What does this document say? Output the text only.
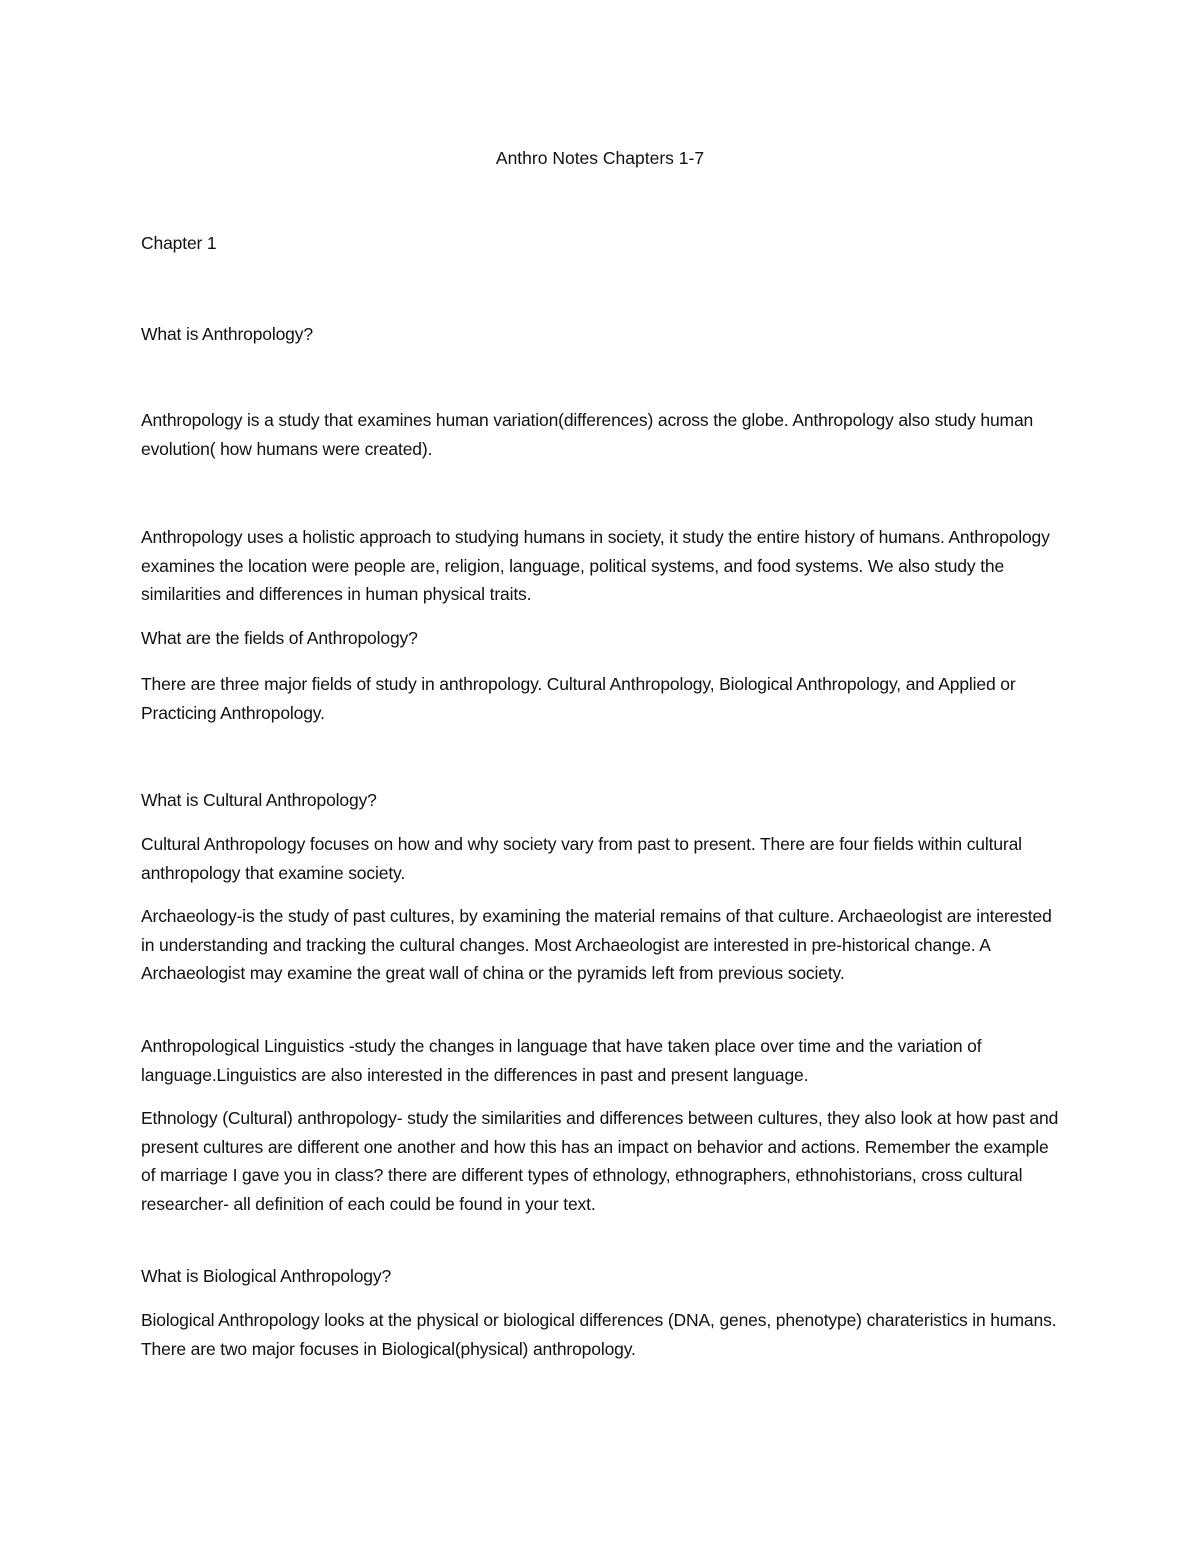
Anthro Notes Chapters 1-7

Chapter 1

What is Anthropology?

Anthropology is a study that examines human variation(differences) across the globe. Anthropology also study human evolution( how humans were created).

Anthropology uses a holistic approach to studying humans in society, it study the entire history of humans. Anthropology examines the location were people are, religion, language, political systems, and food systems. We also study the similarities and differences in human physical traits.

What are the fields of Anthropology?

There are three major fields of study in anthropology. Cultural Anthropology, Biological Anthropology, and Applied or Practicing Anthropology.

What is Cultural Anthropology?

Cultural Anthropology focuses on how and why society vary from past to present. There are four fields within cultural anthropology that examine society.

Archaeology-is the study of past cultures, by examining the material remains of that culture. Archaeologist are interested in understanding and tracking the cultural changes. Most Archaeologist are interested in pre-historical change. A Archaeologist may examine the great wall of china or the pyramids left from previous society.

Anthropological Linguistics -study the changes in language that have taken place over time and the variation of language.Linguistics are also interested in the differences in past and present language.

Ethnology (Cultural) anthropology- study the similarities and differences between cultures, they also look at how past and present cultures are different one another and how this has an impact on behavior and actions. Remember the example of marriage I gave you in class? there are different types of ethnology, ethnographers, ethnohistorians, cross cultural researcher- all definition of each could be found in your text.

What is Biological Anthropology?

Biological Anthropology looks at the physical or biological differences (DNA, genes, phenotype) charateristics in humans. There are two major focuses in Biological(physical) anthropology.
